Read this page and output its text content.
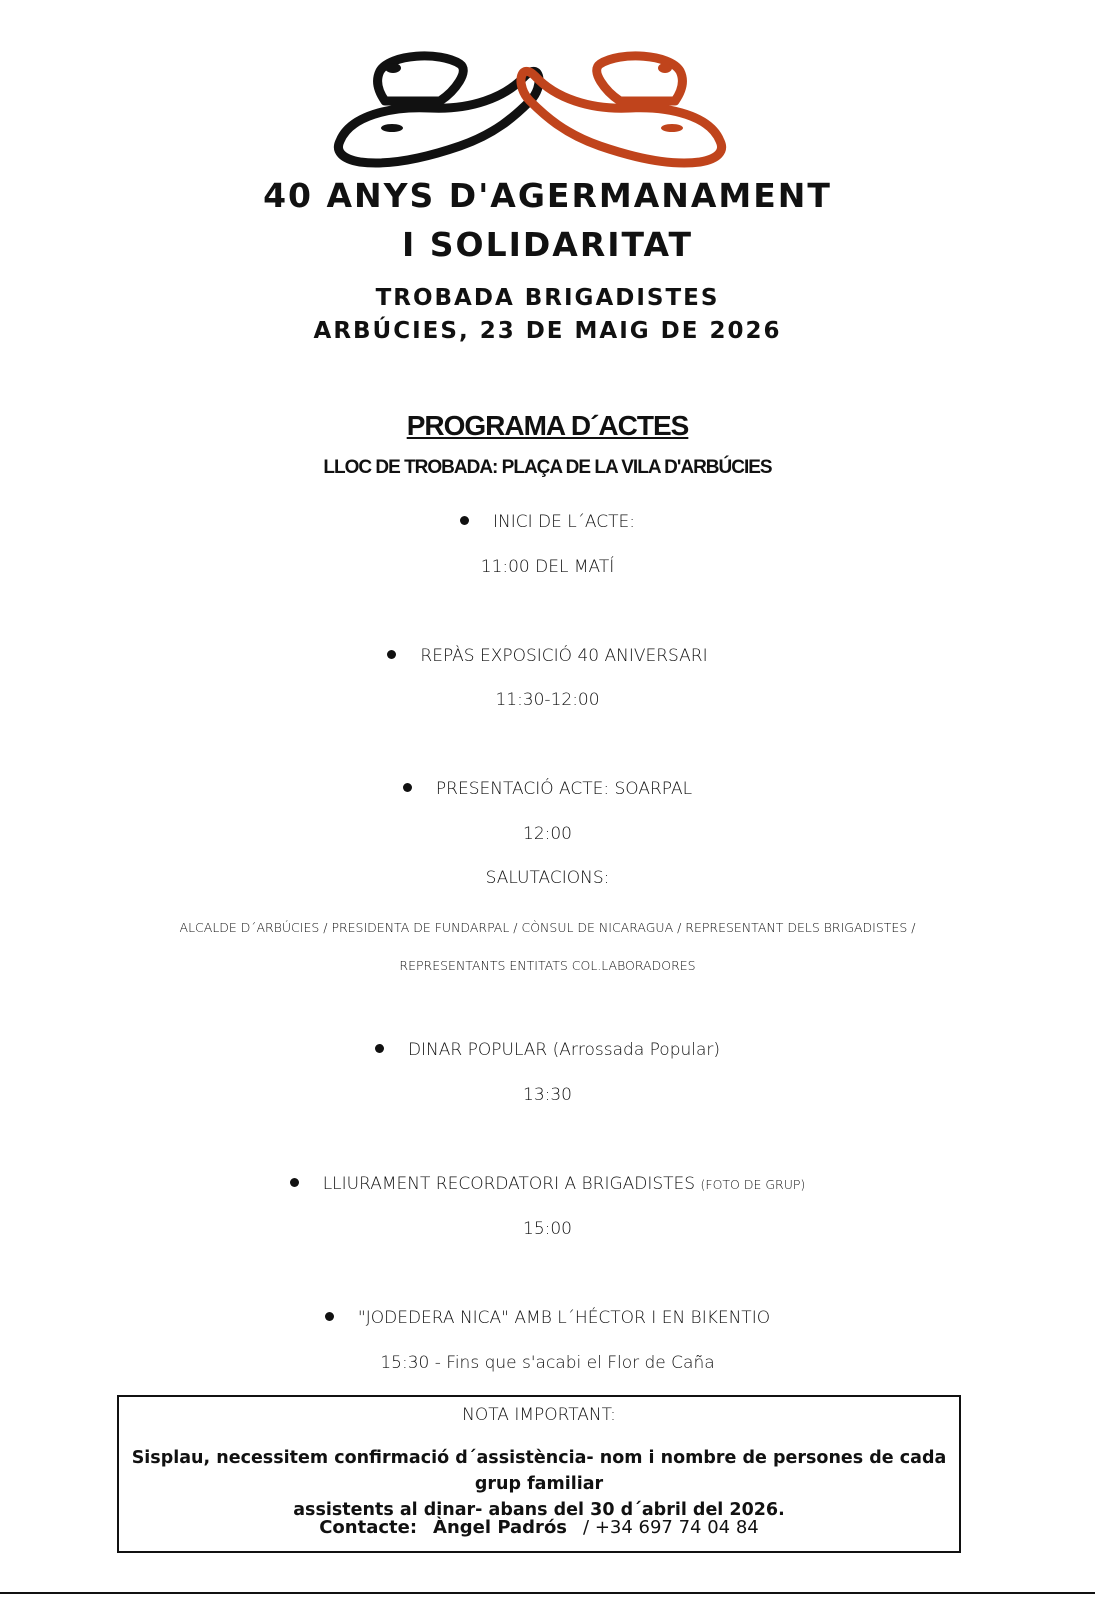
40 ANYS D'AGERMANAMENT
I SOLIDARITAT
TROBADA BRIGADISTES
ARBÚCIES, 23 DE MAIG DE 2026
PROGRAMA D´ACTES
LLOC DE TROBADA: PLAÇA DE LA VILA D'ARBÚCIES
INICI DE L´ACTE:
11:00 DEL MATÍ
REPÀS EXPOSICIÓ 40 ANIVERSARI
11:30-12:00
PRESENTACIÓ ACTE: SOARPAL
12:00
SALUTACIONS:
ALCALDE D´ARBÚCIES / PRESIDENTA DE FUNDARPAL / CÒNSUL DE NICARAGUA / REPRESENTANT DELS BRIGADISTES /
REPRESENTANTS ENTITATS COL.LABORADORES
DINAR POPULAR (Arrossada Popular)
13:30
LLIURAMENT RECORDATORI A BRIGADISTES (FOTO DE GRUP)
15:00
"JODEDERA NICA" AMB L´HÉCTOR I EN BIKENTIO
15:30 - Fins que s'acabi el Flor de Caña
NOTA IMPORTANT:
Sisplau, necessitem confirmació d´assistència- nom i nombre de persones de cada grup familiar
assistents al dinar- abans del 30 d´abril del 2026.
Contacte: Àngel Padrós / +34 697 74 04 84
